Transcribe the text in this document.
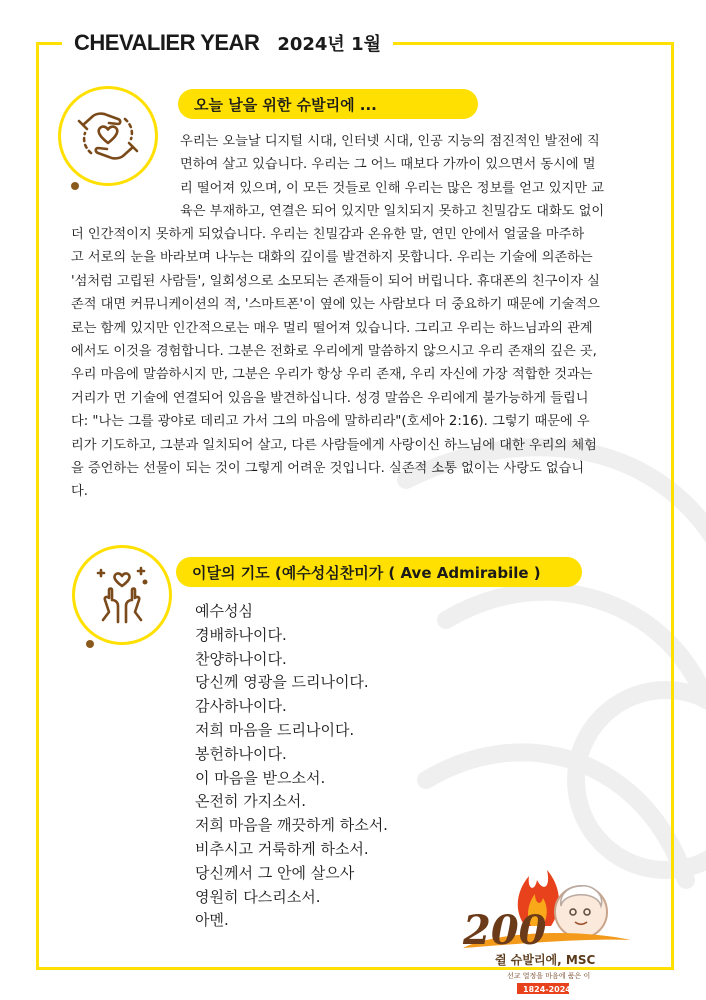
CHEVALIER YEAR 2024년 1월
오늘 날을 위한 슈발리에 ...

우리는 오늘날 디지털 시대, 인터넷 시대, 인공 지능의 점진적인 발전에 직
면하여 살고 있습니다. 우리는 그 어느 때보다 가까이 있으면서 동시에 멀
리 떨어져 있으며, 이 모든 것들로 인해 우리는 많은 정보를 얻고 있지만 교
육은 부재하고, 연결은 되어 있지만 일치되지 못하고 친밀감도 대화도 없이

더 인간적이지 못하게 되었습니다. 우리는 친밀감과 온유한 말, 연민 안에서 얼굴을 마주하
고 서로의 눈을 바라보며 나누는 대화의 깊이를 발견하지 못합니다. 우리는 기술에 의존하는
'섬처럼 고립된 사람들', 일회성으로 소모되는 존재들이 되어 버립니다. 휴대폰의 친구이자 실
존적 대면 커뮤니케이션의 적, '스마트폰'이 옆에 있는 사람보다 더 중요하기 때문에 기술적으
로는 함께 있지만 인간적으로는 매우 멀리 떨어져 있습니다. 그리고 우리는 하느님과의 관계
에서도 이것을 경험합니다. 그분은 전화로 우리에게 말씀하지 않으시고 우리 존재의 깊은 곳,
우리 마음에 말씀하시지 만, 그분은 우리가 항상 우리 존재, 우리 자신에 가장 적합한 것과는
거리가 먼 기술에 연결되어 있음을 발견하십니다. 성경 말씀은 우리에게 불가능하게 들립니
다: "나는 그를 광야로 데리고 가서 그의 마음에 말하리라"(호세아 2:16). 그렇기 때문에 우
리가 기도하고, 그분과 일치되어 살고, 다른 사람들에게 사랑이신 하느님에 대한 우리의 체험
을 증언하는 선물이 되는 것이 그렇게 어려운 것입니다. 실존적 소통 없이는 사랑도 없습니
다.

이달의 기도 (예수성심찬미가 ( Ave Admirabile )
예수성심
경배하나이다.
찬양하나이다.
당신께 영광을 드리나이다.
감사하나이다.
저희 마음을 드리나이다.
봉헌하나이다.
이 마음을 받으소서.
온전히 가지소서.
저희 마음을 깨끗하게 하소서.
비추시고 거룩하게 하소서.
당신께서 그 안에 살으사
영원히 다스리소서.
아멘.	200
쥘 슈발리에, MSC
선교 열정을 마음에 품은 이
1824-2024
